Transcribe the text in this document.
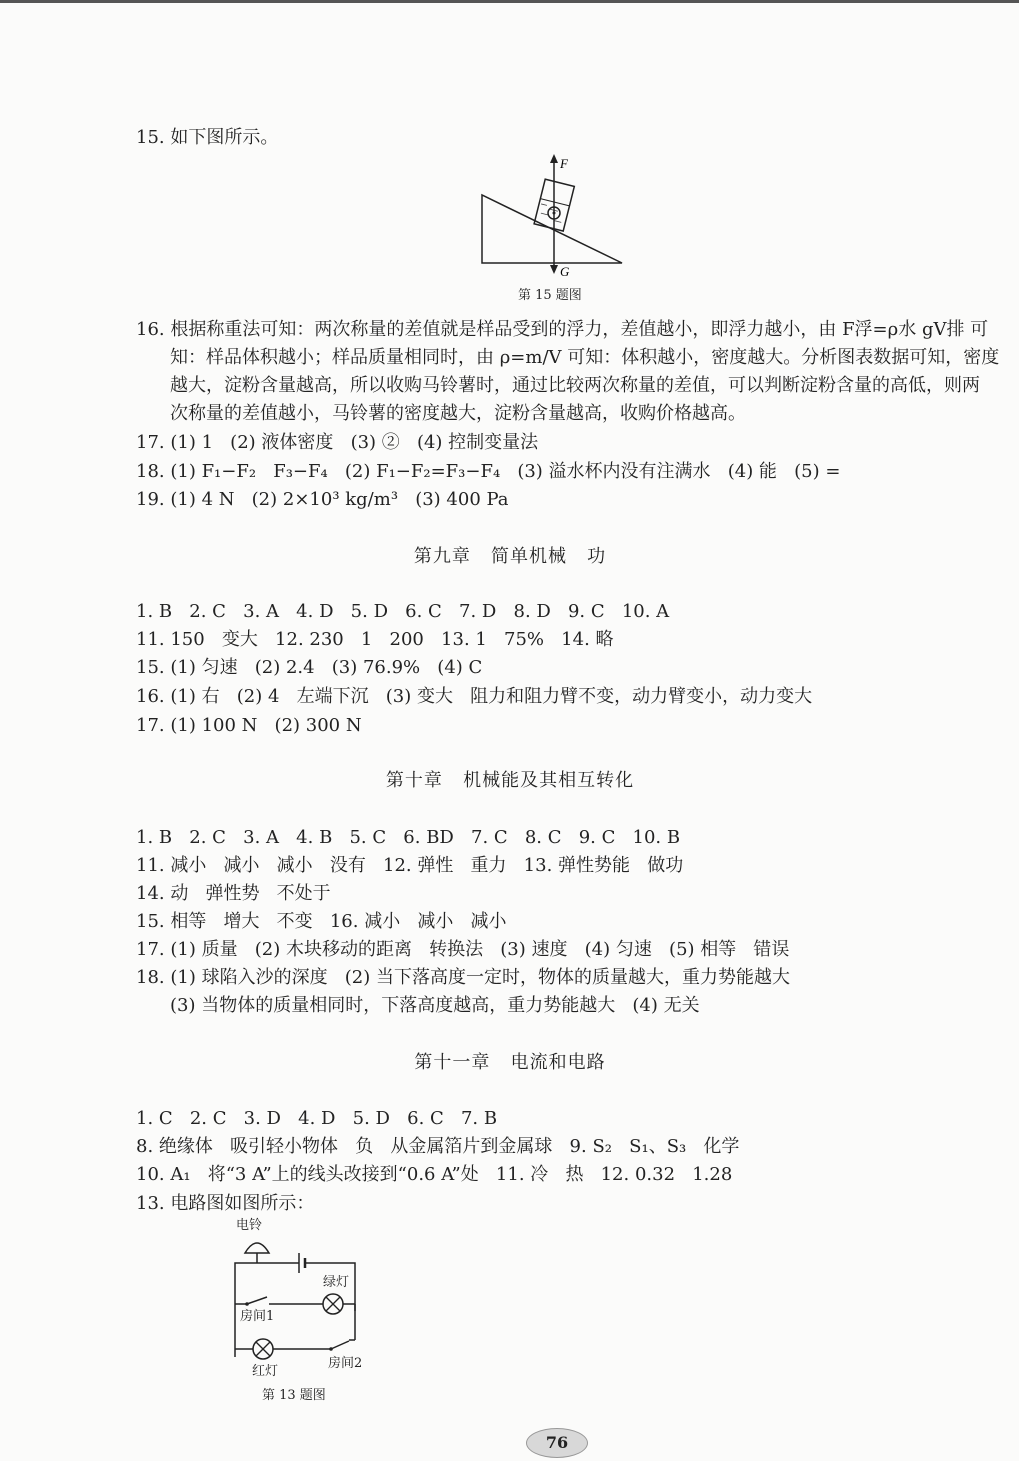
15. 如下图所示。
F
G
第 15 题图
16. 根据称重法可知：两次称量的差值就是样品受到的浮力，差值越小，即浮力越小，由 F浮=ρ水 gV排 可
知：样品体积越小；样品质量相同时，由 ρ=m/V 可知：体积越小，密度越大。分析图表数据可知，密度
越大，淀粉含量越高，所以收购马铃薯时，通过比较两次称量的差值，可以判断淀粉含量的高低，则两
次称量的差值越小，马铃薯的密度越大，淀粉含量越高，收购价格越高。
17. (1) 1   (2) 液体密度   (3) ②   (4) 控制变量法
18. (1) F₁−F₂   F₃−F₄   (2) F₁−F₂=F₃−F₄   (3) 溢水杯内没有注满水   (4) 能   (5) =
19. (1) 4 N   (2) 2×10³ kg/m³   (3) 400 Pa
第九章   简单机械   功
1. B   2. C   3. A   4. D   5. D   6. C   7. D   8. D   9. C   10. A
11. 150   变大   12. 230   1   200   13. 1   75%   14. 略
15. (1) 匀速   (2) 2.4   (3) 76.9%   (4) C
16. (1) 右   (2) 4   左端下沉   (3) 变大   阻力和阻力臂不变，动力臂变小，动力变大
17. (1) 100 N   (2) 300 N
第十章   机械能及其相互转化
1. B   2. C   3. A   4. B   5. C   6. BD   7. C   8. C   9. C   10. B
11. 减小   减小   减小   没有   12. 弹性   重力   13. 弹性势能   做功
14. 动   弹性势   不处于
15. 相等   增大   不变   16. 减小   减小   减小
17. (1) 质量   (2) 木块移动的距离   转换法   (3) 速度   (4) 匀速   (5) 相等   错误
18. (1) 球陷入沙的深度   (2) 当下落高度一定时，物体的质量越大，重力势能越大
(3) 当物体的质量相同时，下落高度越高，重力势能越大   (4) 无关
第十一章   电流和电路
1. C   2. C   3. D   4. D   5. D   6. C   7. B
8. 绝缘体   吸引轻小物体   负   从金属箔片到金属球   9. S₂   S₁、S₃   化学
10. A₁   将“3 A”上的线头改接到“0.6 A”处   11. 冷   热   12. 0.32   1.28
13. 电路图如图所示：
电铃
绿灯
房间1
红灯
房间2
第 13 题图
76
